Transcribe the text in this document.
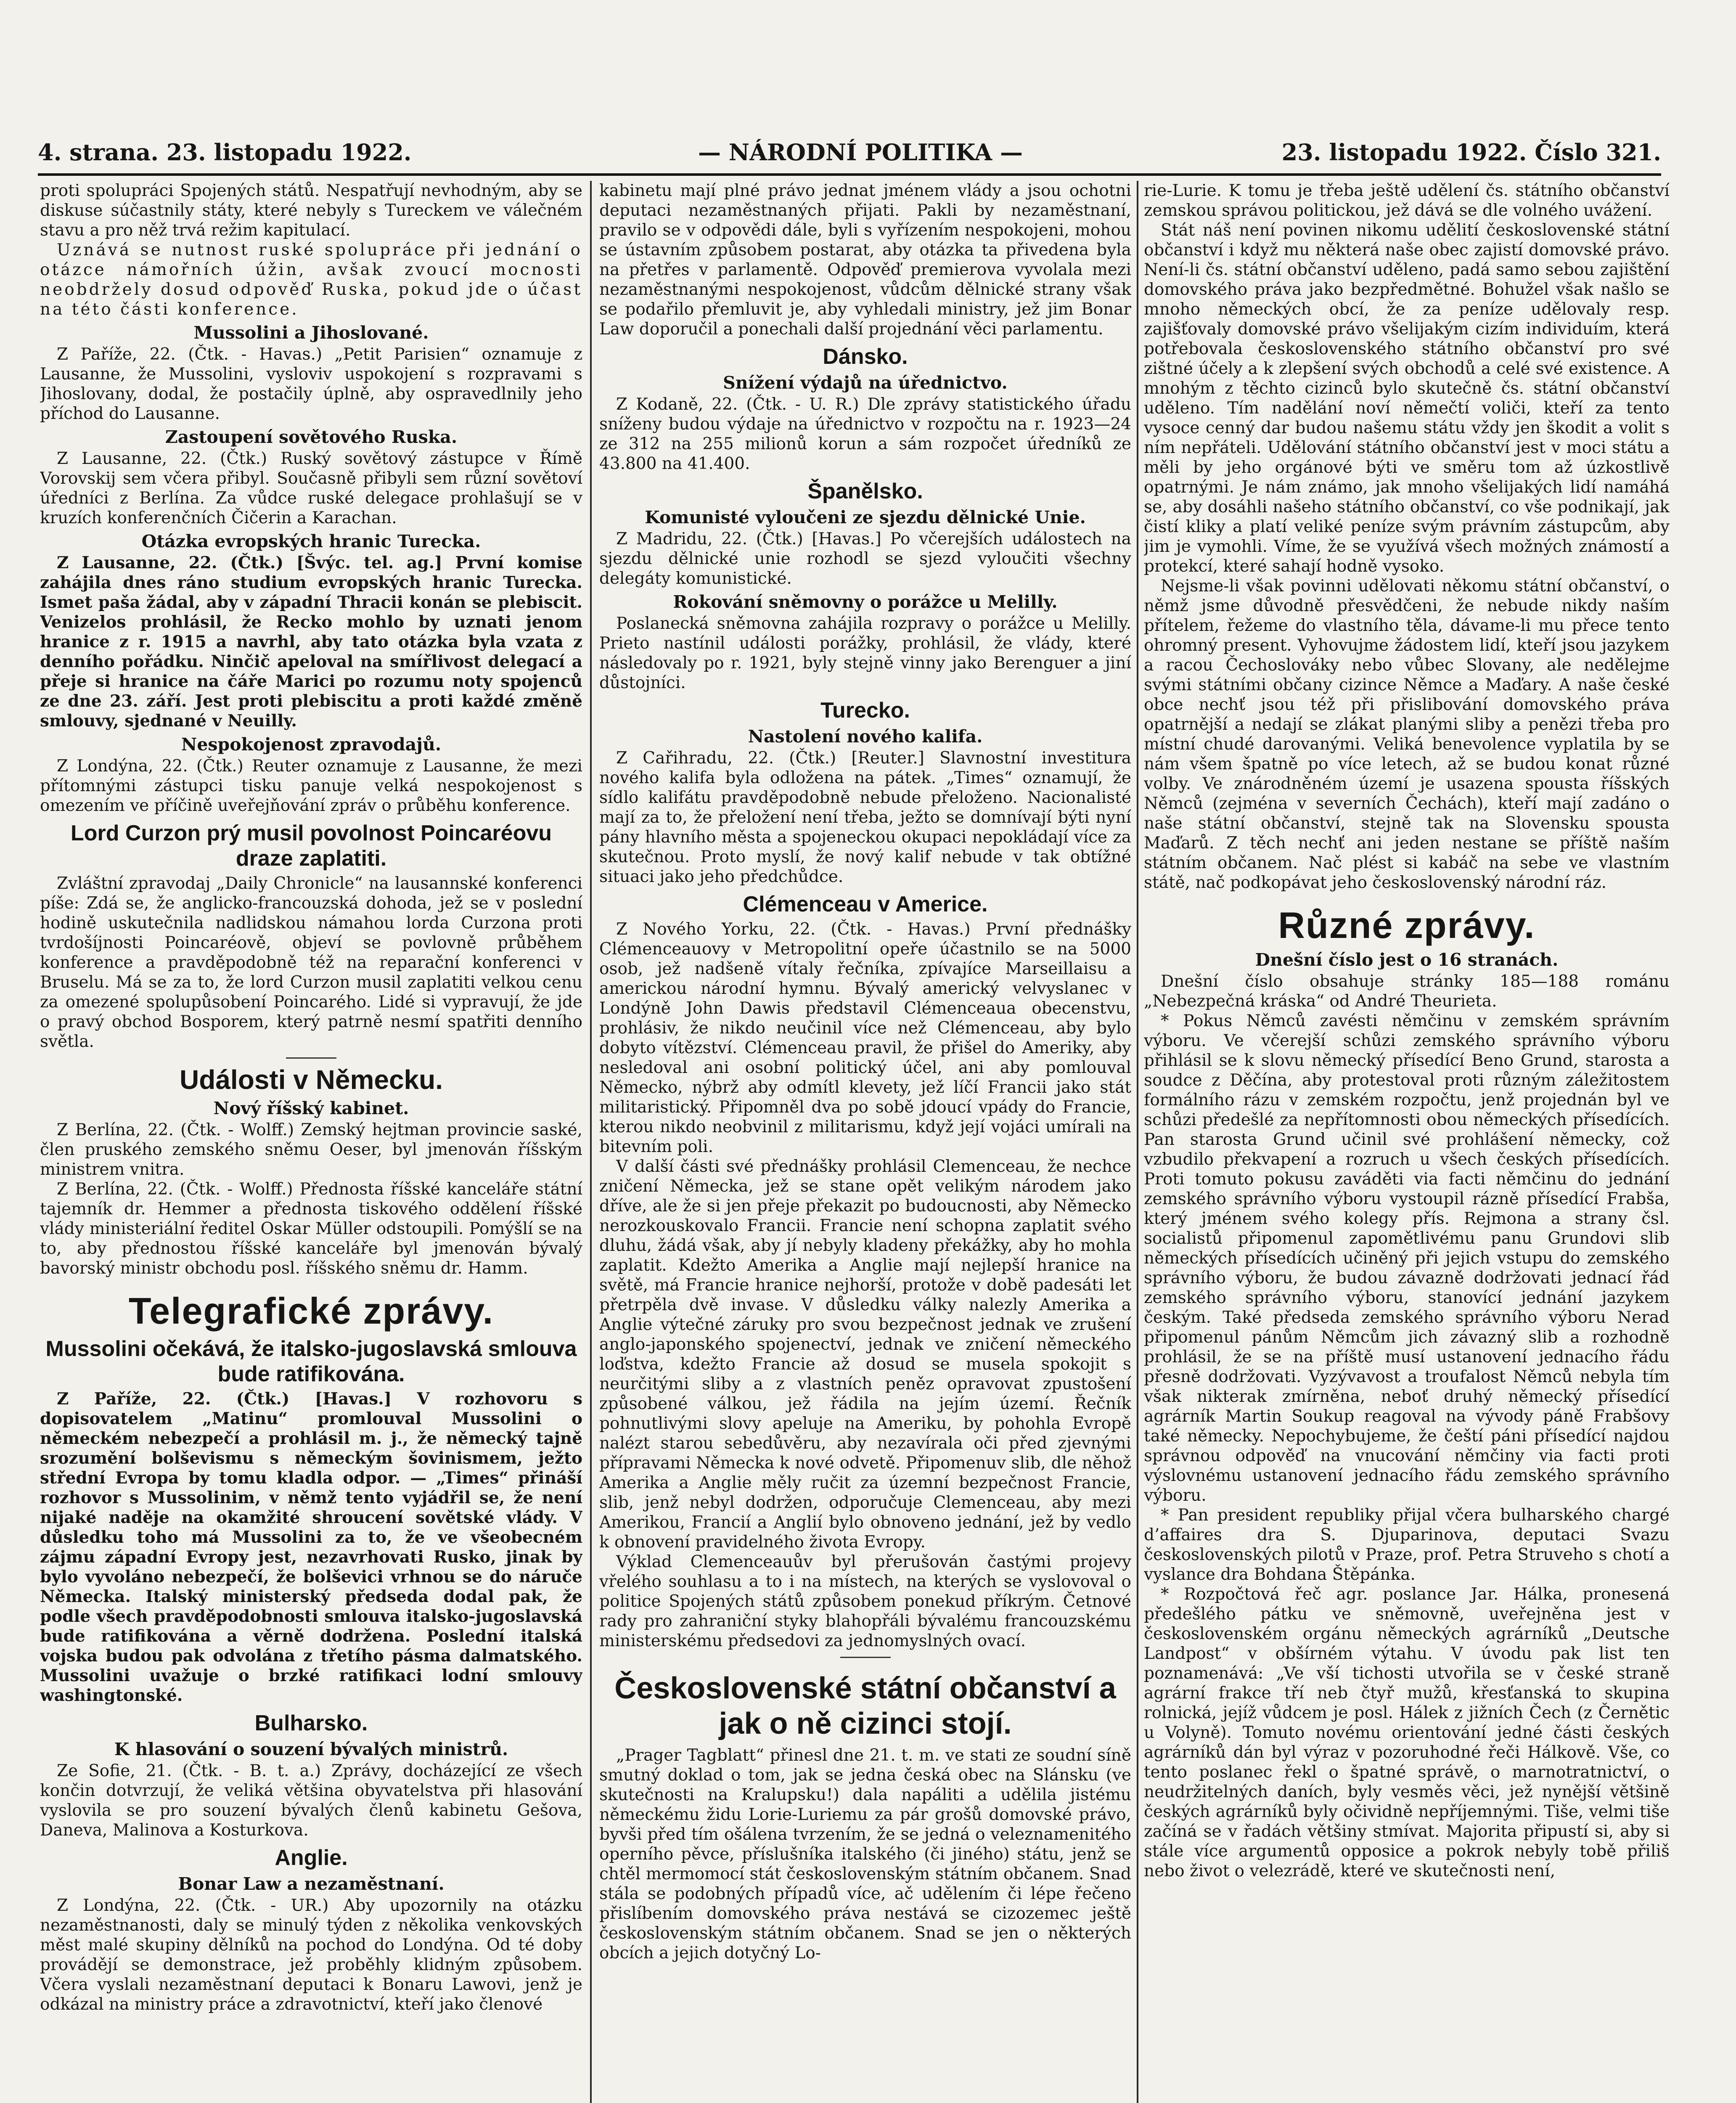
4. strana. 23. listopadu 1922.	— NÁRODNÍ POLITIKA —	23. listopadu 1922. Číslo 321.

proti spolupráci Spojených států. Nespatřují nevhodným, aby se diskuse súčastnily státy, které nebyly s Tureckem ve válečném stavu a pro něž trvá režim kapitulací.

Uznává se nutnost ruské spolupráce při jednání o otázce námořních úžin, avšak zvoucí mocnosti neobdržely dosud odpověď Ruska, pokud jde o účast na této části konference.

Mussolini a Jihoslované.

Z Paříže, 22. (Čtk. - Havas.) „Petit Parisien“ oznamuje z Lausanne, že Mussolini, vysloviv uspokojení s rozpravami s Jihoslovany, dodal, že postačily úplně, aby ospravedlnily jeho příchod do Lausanne.

Zastoupení sovětového Ruska.

Z Lausanne, 22. (Čtk.) Ruský sovětový zástupce v Římě Vorovskij sem včera přibyl. Současně přibyli sem různí sovětoví úředníci z Berlína. Za vůdce ruské delegace prohlašují se v kruzích konferenčních Čičerin a Karachan.

Otázka evropských hranic Turecka.

Z Lausanne, 22. (Čtk.) [Švýc. tel. ag.] První komise zahájila dnes ráno studium evropských hranic Turecka. Ismet paša žádal, aby v západní Thracii konán se plebiscit. Venizelos prohlásil, že Recko mohlo by uznati jenom hranice z r. 1915 a navrhl, aby tato otázka byla vzata z denního pořádku. Ninčič apeloval na smířlivost delegací a přeje si hranice na čáře Marici po rozumu noty spojenců ze dne 23. září. Jest proti plebiscitu a proti každé změně smlouvy, sjednané v Neuilly.

Nespokojenost zpravodajů.

Z Londýna, 22. (Čtk.) Reuter oznamuje z Lausanne, že mezi přítomnými zástupci tisku panuje velká nespokojenost s omezením ve příčině uveřejňování zpráv o průběhu konference.

Lord Curzon prý musil povolnost Poincaréovu draze zaplatiti.

Zvláštní zpravodaj „Daily Chronicle“ na lausannské konferenci píše: Zdá se, že anglicko-francouzská dohoda, jež se v poslední hodině uskutečnila nadlidskou námahou lorda Curzona proti tvrdošíjnosti Poincaréově, objeví se povlovně průběhem konference a pravděpodobně též na reparační konferenci v Bruselu. Má se za to, že lord Curzon musil zaplatiti velkou cenu za omezené spolupůsobení Poincarého. Lidé si vypravují, že jde o pravý obchod Bosporem, který patrně nesmí spatřiti denního světla.

Události v Německu.
Nový říšský kabinet.

Z Berlína, 22. (Čtk. - Wolff.) Zemský hejtman provincie saské, člen pruského zemského sněmu Oeser, byl jmenován říšským ministrem vnitra.

Z Berlína, 22. (Čtk. - Wolff.) Přednosta říšské kanceláře státní tajemník dr. Hemmer a přednosta tiskového oddělení říšské vlády ministeriální ředitel Oskar Müller odstoupili. Pomýšlí se na to, aby přednostou říšské kanceláře byl jmenován bývalý bavorský ministr obchodu posl. říšského sněmu dr. Hamm.

Telegrafické zprávy.
Mussolini očekává, že italsko-jugoslavská smlouva bude ratifikována.

Z Paříže, 22. (Čtk.) [Havas.] V rozhovoru s dopisovatelem „Matinu“ promlouval Mussolini o německém nebezpečí a prohlásil m. j., že německý tajně srozumění bolševismu s německým šovinismem, ježto střední Evropa by tomu kladla odpor. — „Times“ přináší rozhovor s Mussolinim, v němž tento vyjádřil se, že není nijaké naděje na okamžité shroucení sovětské vlády. V důsledku toho má Mussolini za to, že ve všeobecném zájmu západní Evropy jest, nezavrhovati Rusko, jinak by bylo vyvoláno nebezpečí, že bolševici vrhnou se do náruče Německa. Italský ministerský předseda dodal pak, že podle všech pravděpodobnosti smlouva italsko-jugoslavská bude ratifikována a věrně dodržena. Poslední italská vojska budou pak odvolána z třetího pásma dalmatského. Mussolini uvažuje o brzké ratifikaci lodní smlouvy washingtonské.

Bulharsko.
K hlasování o souzení bývalých ministrů.

Ze Sofie, 21. (Čtk. - B. t. a.) Zprávy, docházející ze všech končin dotvrzují, že veliká většina obyvatelstva při hlasování vyslovila se pro souzení bývalých členů kabinetu Gešova, Daneva, Malinova a Kosturkova.

Anglie.
Bonar Law a nezaměstnaní.

Z Londýna, 22. (Čtk. - UR.) Aby upozornily na otázku nezaměstnanosti, daly se minulý týden z několika venkovských měst malé skupiny dělníků na pochod do Londýna. Od té doby provádějí se demonstrace, jež proběhly klidným způsobem. Včera vyslali nezaměstnaní deputaci k Bonaru Lawovi, jenž je odkázal na ministry práce a zdravotnictví, kteří jako členové

kabinetu mají plné právo jednat jménem vlády a jsou ochotni deputaci nezaměstnaných přijati. Pakli by nezaměstnaní, pravilo se v odpovědi dále, byli s vyřízením nespokojeni, mohou se ústavním způsobem postarat, aby otázka ta přivedena byla na přetřes v parlamentě. Odpověď premierova vyvolala mezi nezaměstnanými nespokojenost, vůdcům dělnické strany však se podařilo přemluvit je, aby vyhledali ministry, jež jim Bonar Law doporučil a ponechali další projednání věci parlamentu.

Dánsko.
Snížení výdajů na úřednictvo.

Z Kodaně, 22. (Čtk. - U. R.) Dle zprávy statistického úřadu sníženy budou výdaje na úřednictvo v rozpočtu na r. 1923—24 ze 312 na 255 milionů korun a sám rozpočet úředníků ze 43.800 na 41.400.

Španělsko.
Komunisté vyloučeni ze sjezdu dělnické Unie.

Z Madridu, 22. (Čtk.) [Havas.] Po včerejších událostech na sjezdu dělnické unie rozhodl se sjezd vyloučiti všechny delegáty komunistické.

Rokování sněmovny o porážce u Melilly.

Poslanecká sněmovna zahájila rozpravy o porážce u Melilly. Prieto nastínil události porážky, prohlásil, že vlády, které následovaly po r. 1921, byly stejně vinny jako Berenguer a jiní důstojníci.

Turecko.
Nastolení nového kalifa.

Z Cařihradu, 22. (Čtk.) [Reuter.] Slavnostní investitura nového kalifa byla odložena na pátek. „Times“ oznamují, že sídlo kalifátu pravděpodobně nebude přeloženo. Nacionalisté mají za to, že přeložení není třeba, ježto se domnívají býti nyní pány hlavního města a spojeneckou okupaci nepokládají více za skutečnou. Proto myslí, že nový kalif nebude v tak obtížné situaci jako jeho předchůdce.

Clémenceau v Americe.

Z Nového Yorku, 22. (Čtk. - Havas.) První přednášky Clémenceauovy v Metropolitní opeře účastnilo se na 5000 osob, jež nadšeně vítaly řečníka, zpívajíce Marseillaisu a americkou národní hymnu. Bývalý americký velvyslanec v Londýně John Dawis představil Clémenceaua obecenstvu, prohlásiv, že nikdo neučinil více než Clémenceau, aby bylo dobyto vítězství. Clémenceau pravil, že přišel do Ameriky, aby nesledoval ani osobní politický účel, ani aby pomlouval Německo, nýbrž aby odmítl klevety, jež líčí Francii jako stát militaristický. Připomněl dva po sobě jdoucí vpády do Francie, kterou nikdo neobvinil z militarismu, když její vojáci umírali na bitevním poli.

V další části své přednášky prohlásil Clemenceau, že nechce zničení Německa, jež se stane opět velikým národem jako dříve, ale že si jen přeje překazit po budoucnosti, aby Německo nerozkouskovalo Francii. Francie není schopna zaplatit svého dluhu, žádá však, aby jí nebyly kladeny překážky, aby ho mohla zaplatit. Kdežto Amerika a Anglie mají nejlepší hranice na světě, má Francie hranice nejhorší, protože v době padesáti let přetrpěla dvě invase. V důsledku války nalezly Amerika a Anglie výtečné záruky pro svou bezpečnost jednak ve zrušení anglo-japonského spojenectví, jednak ve zničení německého loďstva, kdežto Francie až dosud se musela spokojit s neurčitými sliby a z vlastních peněz opravovat zpustošení způsobené válkou, jež řádila na jejím území. Řečník pohnutlivými slovy apeluje na Ameriku, by pohohla Evropě nalézt starou sebedůvěru, aby nezavírala oči před zjevnými přípravami Německa k nové odvetě. Připomenuv slib, dle něhož Amerika a Anglie měly ručit za územní bezpečnost Francie, slib, jenž nebyl dodržen, odporučuje Clemenceau, aby mezi Amerikou, Francií a Anglií bylo obnoveno jednání, jež by vedlo k obnovení pravidelného života Evropy.

Výklad Clemenceauův byl přerušován častými projevy vřelého souhlasu a to i na místech, na kterých se vyslovoval o politice Spojených států způsobem ponekud příkrým. Četnové rady pro zahraniční styky blahopřáli bývalému francouzskému ministerskému předsedovi za jednomyslných ovací.

Československé státní občanství a jak o ně cizinci stojí.

„Prager Tagblatt“ přinesl dne 21. t. m. ve stati ze soudní síně smutný doklad o tom, jak se jedna česká obec na Slánsku (ve skutečnosti na Kralupsku!) dala napáliti a udělila jistému německému židu Lorie-Luriemu za pár grošů domovské právo, byvši před tím ošálena tvrzením, že se jedná o veleznamenitého operního pěvce, příslušníka italského (či jiného) státu, jenž se chtěl mermomocí stát československým státním občanem. Snad stála se podobných případů více, ač udělením či lépe řečeno přislíbením domovského práva nestává se cizozemec ještě československým státním občanem. Snad se jen o některých obcích a jejich dotyčný Lo-

rie-Lurie. K tomu je třeba ještě udělení čs. státního občanství zemskou správou politickou, jež dává se dle volného uvážení.

Stát náš není povinen nikomu udělití československé státní občanství i když mu některá naše obec zajistí domovské právo. Není-li čs. státní občanství uděleno, padá samo sebou zajištění domovského práva jako bezpředmětné. Bohužel však našlo se mnoho německých obcí, že za peníze udělovaly resp. zajišťovaly domovské právo všelijakým cizím individuím, která potřebovala československého státního občanství pro své zištné účely a k zlepšení svých obchodů a celé své existence. A mnohým z těchto cizinců bylo skutečně čs. státní občanství uděleno. Tím nadělání noví němečtí voliči, kteří za tento vysoce cenný dar budou našemu státu vždy jen škodit a volit s ním nepřáteli. Udělování státního občanství jest v moci státu a měli by jeho orgánové býti ve směru tom až úzkostlivě opatrnými. Je nám známo, jak mnoho všelijakých lidí namáhá se, aby dosáhli našeho státního občanství, co vše podnikají, jak čistí kliky a platí veliké peníze svým právním zástupcům, aby jim je vymohli. Víme, že se využívá všech možných známostí a protekcí, které sahají hodně vysoko.

Nejsme-li však povinni udělovati někomu státní občanství, o němž jsme důvodně přesvědčeni, že nebude nikdy naším přítelem, řežeme do vlastního těla, dávame-li mu přece tento ohromný present. Vyhovujme žádostem lidí, kteří jsou jazykem a racou Čechoslováky nebo vůbec Slovany, ale nedělejme svými státními občany cizince Němce a Maďary. A naše české obce nechť jsou též při přislibování domovského práva opatrnější a nedají se zlákat planými sliby a penězi třeba pro místní chudé darovanými. Veliká benevolence vyplatila by se nám všem špatně po více letech, až se budou konat různé volby. Ve znárodněném území je usazena spousta říšských Němců (zejména v severních Čechách), kteří mají zadáno o naše státní občanství, stejně tak na Slovensku spousta Maďarů. Z těch nechť ani jeden nestane se příště naším státním občanem. Nač plést si kabáč na sebe ve vlastním státě, nač podkopávat jeho československý národní ráz.

Různé zprávy.
Dnešní číslo jest o 16 stranách.

Dnešní číslo obsahuje stránky 185—188 románu „Nebezpečná kráska“ od André Theurieta.

* Pokus Němců zavésti němčinu v zemském správním výboru. Ve včerejší schůzi zemského správního výboru přihlásil se k slovu německý přísedící Beno Grund, starosta a soudce z Děčína, aby protestoval proti různým záležitostem formálního rázu v zemském rozpočtu, jenž projednán byl ve schůzi předešlé za nepřítomnosti obou německých přísedících. Pan starosta Grund učinil své prohlášení německy, což vzbudilo překvapení a rozruch u všech českých přísedících. Proti tomuto pokusu zaváděti via facti němčinu do jednání zemského správního výboru vystoupil rázně přísedící Frabša, který jménem svého kolegy přís. Rejmona a strany čsl. socialistů připomenul zapomětlivému panu Grundovi slib německých přísedících učiněný při jejich vstupu do zemského správního výboru, že budou závazně dodržovati jednací řád zemského správního výboru, stanovící jednání jazykem českým. Také předseda zemského správního výboru Nerad připomenul pánům Němcům jich závazný slib a rozhodně prohlásil, že se na příště musí ustanovení jednacího řádu přesně dodržovati. Vyzývavost a troufalost Němců nebyla tím však nikterak zmírněna, neboť druhý německý přísedící agrárník Martin Soukup reagoval na vývody páně Frabšovy také německy. Nepochybujeme, že čeští páni přísedící najdou správnou odpověď na vnucování němčiny via facti proti výslovnému ustanovení jednacího řádu zemského správního výboru.

* Pan president republiky přijal včera bulharského chargé d’affaires dra S. Djuparinova, deputaci Svazu československých pilotů v Praze, prof. Petra Struveho s chotí a vyslance dra Bohdana Štěpánka.

* Rozpočtová řeč agr. poslance Jar. Hálka, pronesená předešlého pátku ve sněmovně, uveřejněna jest v československém orgánu německých agrárníků „Deutsche Landpost“ v obšírném výtahu. V úvodu pak list ten poznamenává: „Ve vší tichosti utvořila se v české straně agrární frakce tří neb čtyř mužů, křesťanská to skupina rolnická, jejíž vůdcem je posl. Hálek z jižních Čech (z Černětic u Volyně). Tomuto novému orientování jedné části českých agrárníků dán byl výraz v pozoruhodné řeči Hálkově. Vše, co tento poslanec řekl o špatné správě, o marnotratnictví, o neudržitelných daních, byly vesměs věci, jež nynější většině českých agrárníků byly očividně nepříjemnými. Tiše, velmi tiše začíná se v řadách většiny stmívat. Majorita připustí si, aby si stále více argumentů opposice a pokrok nebyly tobě přiliš nebo život o velezrádě, které ve skutečnosti není,
